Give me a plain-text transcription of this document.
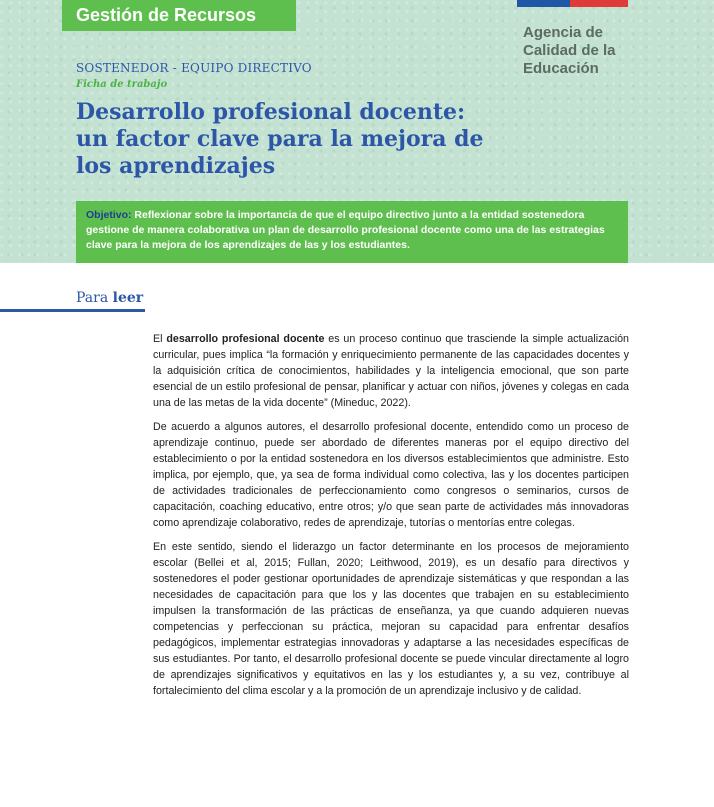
Gestión de Recursos
Agencia de
Calidad de la
Educación
SOSTENEDOR - EQUIPO DIRECTIVO
Ficha de trabajo
Desarrollo profesional docente:
un factor clave para la mejora de
los aprendizajes
Objetivo: Reflexionar sobre la importancia de que el equipo directivo junto a la entidad sostenedora gestione de manera colaborativa un plan de desarrollo profesional docente como una de las estrategias clave para la mejora de los aprendizajes de las y los estudiantes.
Para leer

El desarrollo profesional docente es un proceso continuo que trasciende la simple actualización curricular, pues implica “la formación y enriquecimiento permanente de las capacidades docentes y la adquisición crítica de conocimientos, habilidades y la inteligencia emocional, que son parte esencial de un estilo profesional de pensar, planificar y actuar con niños, jóvenes y colegas en cada una de las metas de la vida docente” (Mineduc, 2022).

De acuerdo a algunos autores, el desarrollo profesional docente, entendido como un proceso de aprendizaje continuo, puede ser abordado de diferentes maneras por el equipo directivo del establecimiento o por la entidad sostenedora en los diversos establecimientos que administre. Esto implica, por ejemplo, que, ya sea de forma individual como colectiva, las y los docentes participen de actividades tradicionales de perfeccionamiento como congresos o seminarios, cursos de capacitación, coaching educativo, entre otros; y/o que sean parte de actividades más innovadoras como aprendizaje colaborativo, redes de aprendizaje, tutorías o mentorías entre colegas.

En este sentido, siendo el liderazgo un factor determinante en los procesos de mejoramiento escolar (Bellei et al, 2015; Fullan, 2020; Leithwood, 2019), es un desafío para directivos y sostenedores el poder gestionar oportunidades de aprendizaje sistemáticas y que respondan a las necesidades de capacitación para que los y las docentes que trabajen en su establecimiento impulsen la transformación de las prácticas de enseñanza, ya que cuando adquieren nuevas competencias y perfeccionan su práctica, mejoran su capacidad para enfrentar desafíos pedagógicos, implementar estrategias innovadoras y adaptarse a las necesidades específicas de sus estudiantes. Por tanto, el desarrollo profesional docente se puede vincular directamente al logro de aprendizajes significativos y equitativos en las y los estudiantes y, a su vez, contribuye al fortalecimiento del clima escolar y a la promoción de un aprendizaje inclusivo y de calidad.
